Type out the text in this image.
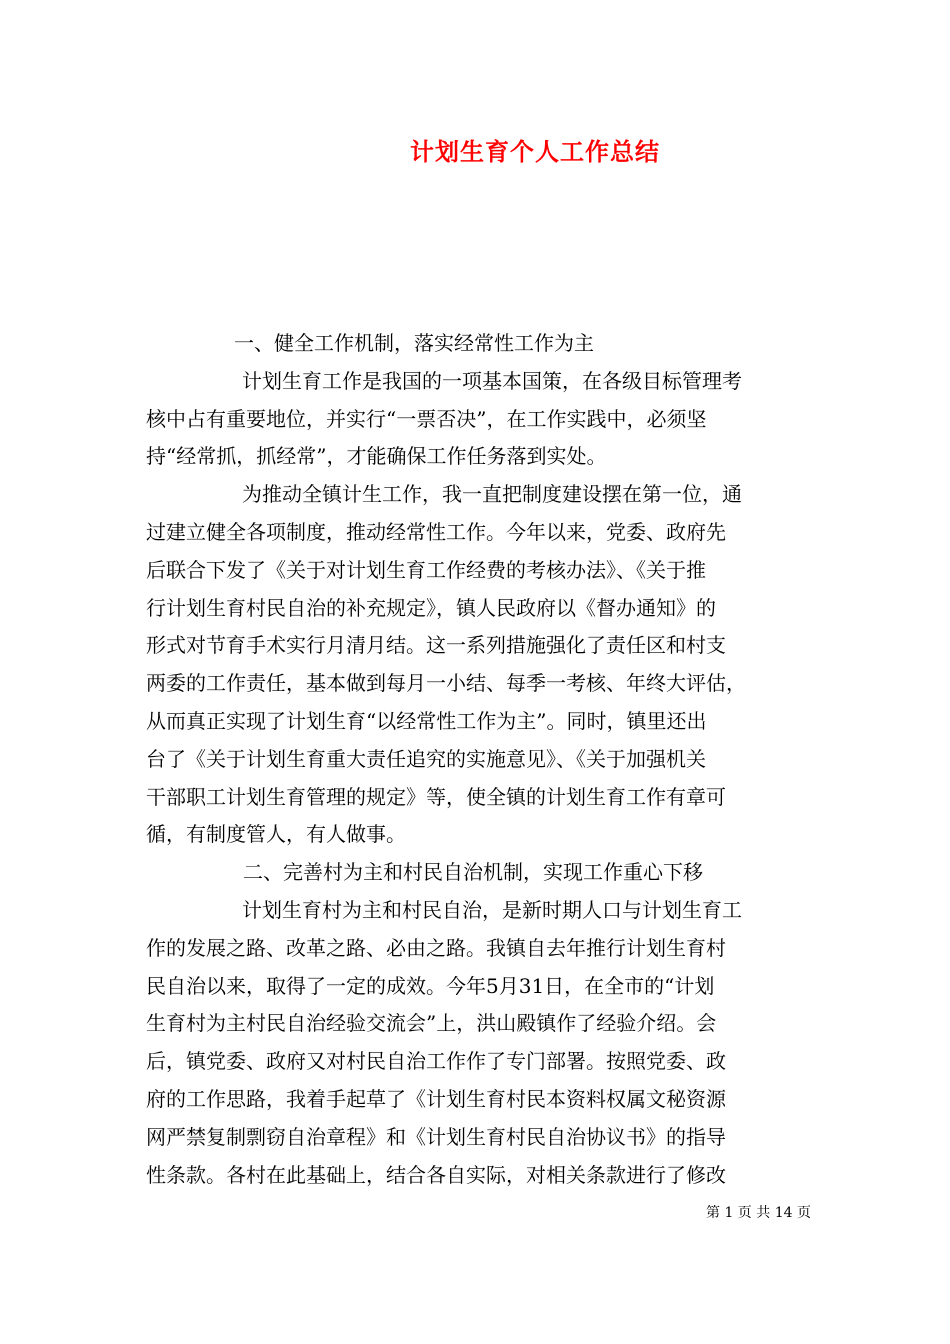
计划生育个人工作总结
一、健全工作机制，落实经常性工作为主
计划生育工作是我国的一项基本国策，在各级目标管理考
核中占有重要地位，并实行“一票否决”，在工作实践中，必须坚
持“经常抓，抓经常”，才能确保工作任务落到实处。
为推动全镇计生工作，我一直把制度建设摆在第一位，通
过建立健全各项制度，推动经常性工作。今年以来，党委、政府先
后联合下发了《关于对计划生育工作经费的考核办法》、《关于推
行计划生育村民自治的补充规定》，镇人民政府以《督办通知》的
形式对节育手术实行月清月结。这一系列措施强化了责任区和村支
两委的工作责任，基本做到每月一小结、每季一考核、年终大评估，
从而真正实现了计划生育“以经常性工作为主”。同时，镇里还出
台了《关于计划生育重大责任追究的实施意见》、《关于加强机关
干部职工计划生育管理的规定》等，使全镇的计划生育工作有章可
循，有制度管人，有人做事。
二、完善村为主和村民自治机制，实现工作重心下移
计划生育村为主和村民自治，是新时期人口与计划生育工
作的发展之路、改革之路、必由之路。我镇自去年推行计划生育村
民自治以来，取得了一定的成效。今年5月31日，在全市的“计划
生育村为主村民自治经验交流会”上，洪山殿镇作了经验介绍。会
后，镇党委、政府又对村民自治工作作了专门部署。按照党委、政
府的工作思路，我着手起草了《计划生育村民本资料权属文秘资源
网严禁复制剽窃自治章程》和《计划生育村民自治协议书》的指导
性条款。各村在此基础上，结合各自实际，对相关条款进行了修改
第 1 页 共 14 页
